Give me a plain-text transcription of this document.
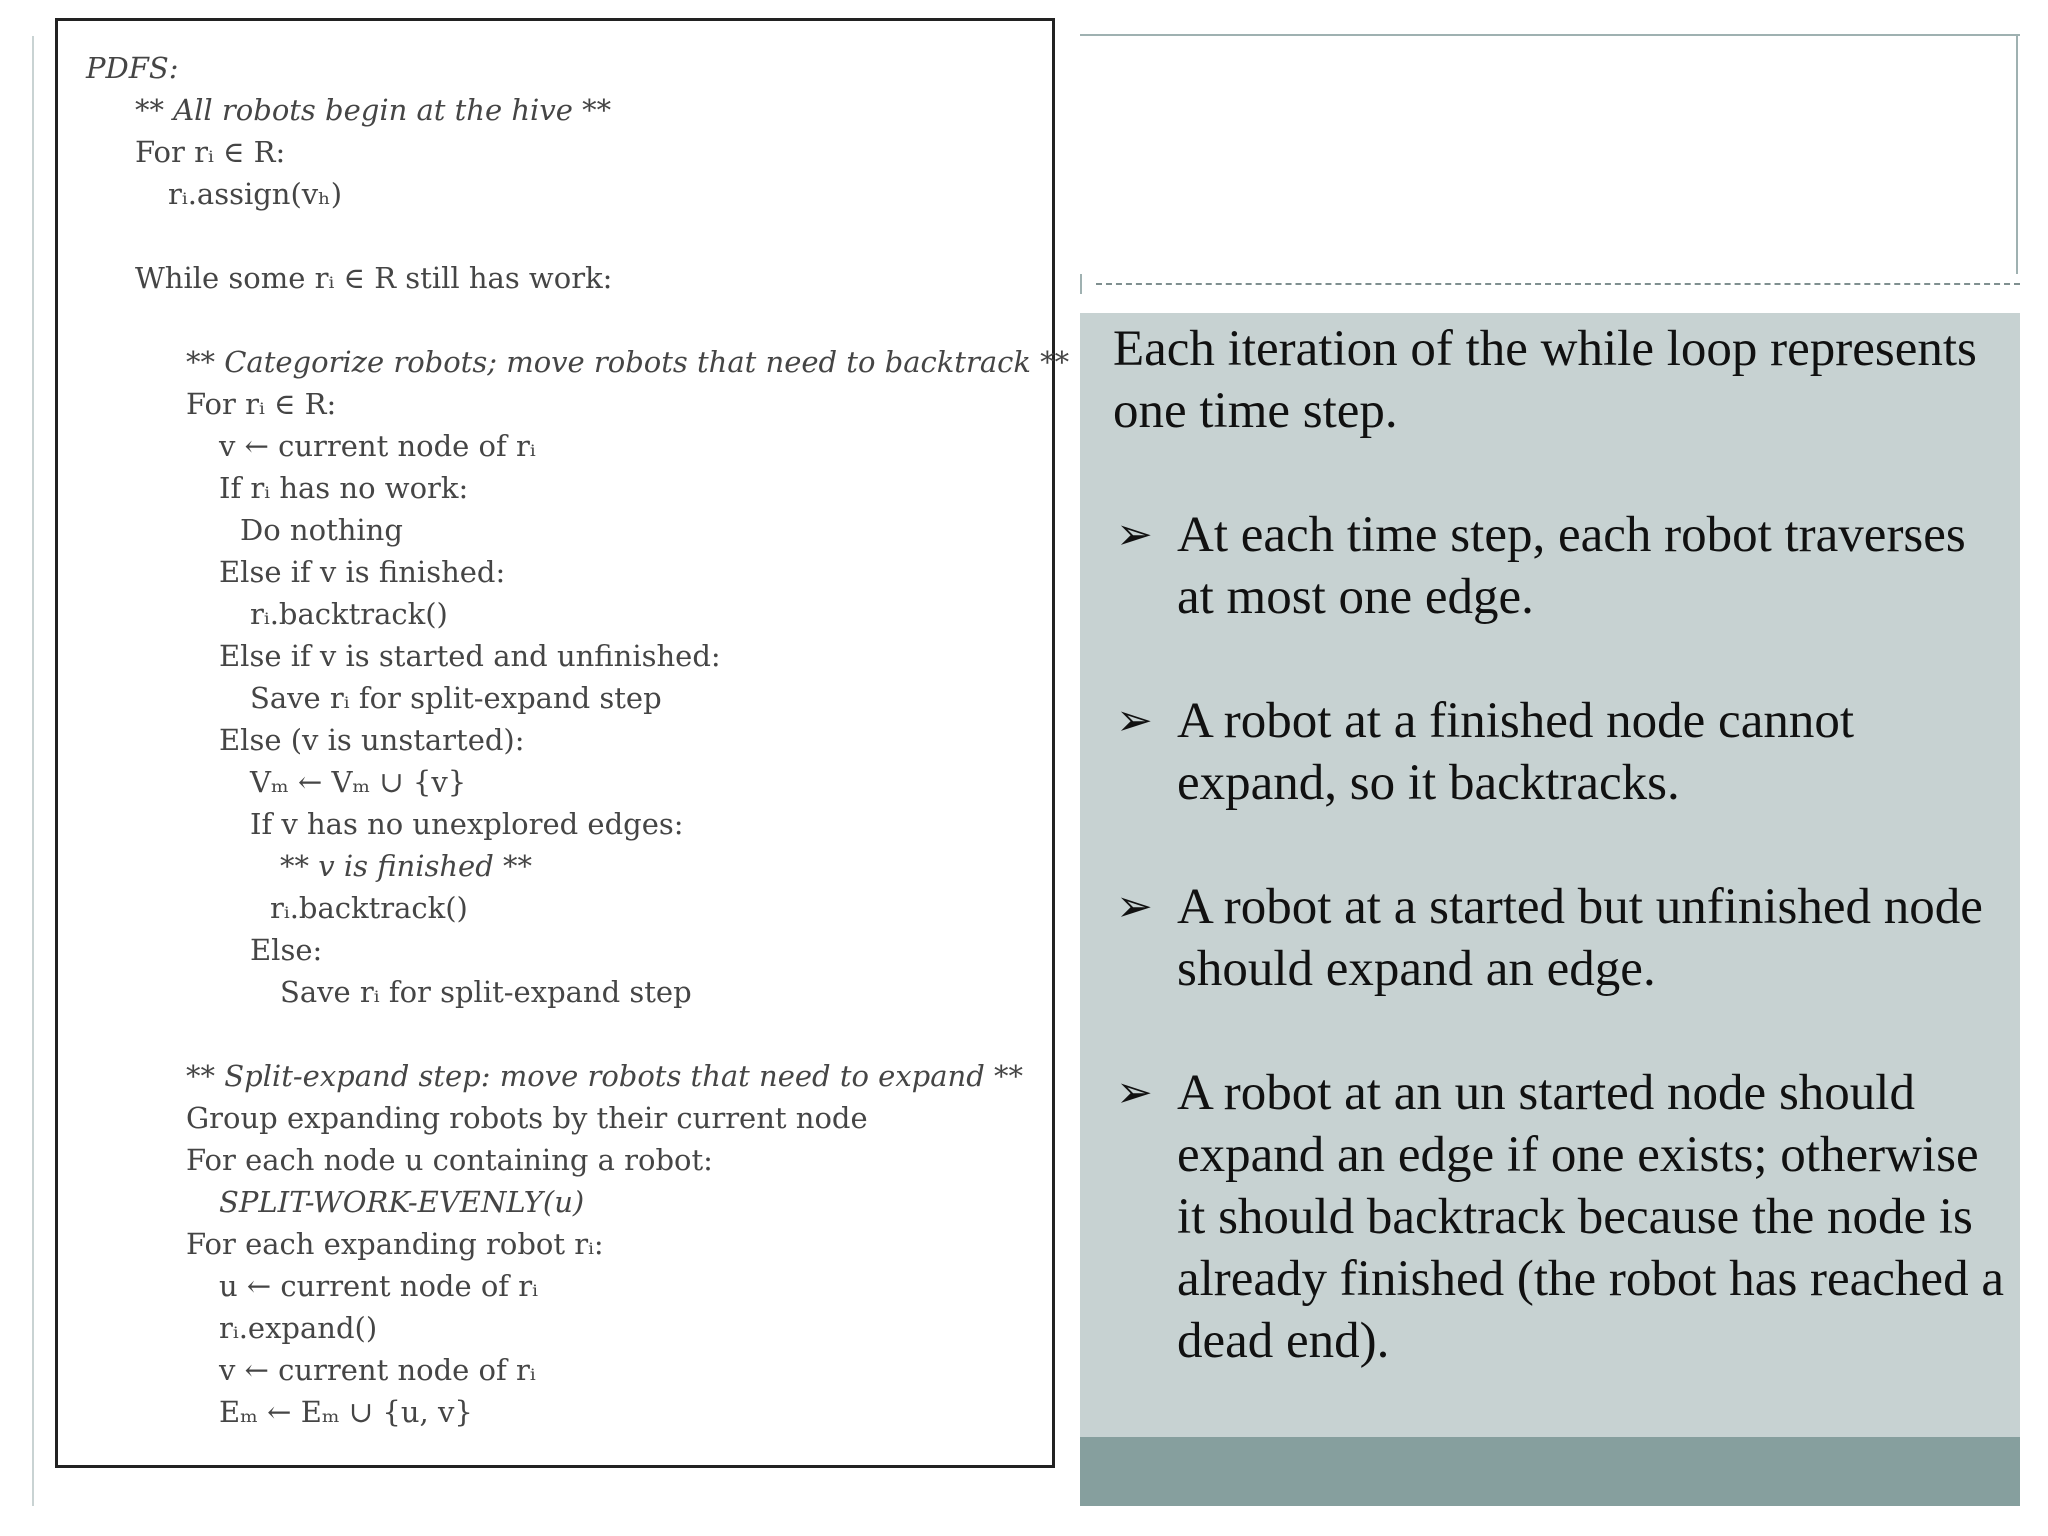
PDFS:
** All robots begin at the hive **
For rᵢ ∈ R:
rᵢ.assign(vₕ)
While some rᵢ ∈ R still has work:
** Categorize robots; move robots that need to backtrack **
For rᵢ ∈ R:
v ← current node of rᵢ
If rᵢ has no work:
Do nothing
Else if v is finished:
rᵢ.backtrack()
Else if v is started and unfinished:
Save rᵢ for split-expand step
Else (v is unstarted):
Vₘ ← Vₘ ∪ {v}
If v has no unexplored edges:
** v is finished **
rᵢ.backtrack()
Else:
Save rᵢ for split-expand step
** Split-expand step: move robots that need to expand **
Group expanding robots by their current node
For each node u containing a robot:
SPLIT-WORK-EVENLY(u)
For each expanding robot rᵢ:
u ← current node of rᵢ
rᵢ.expand()
v ← current node of rᵢ
Eₘ ← Eₘ ∪ {u, v}
Each iteration of the while loop represents one time step.
➢ At each time step, each robot traverses at most one edge.
➢ A robot at a finished node cannot expand, so it backtracks.
➢ A robot at a started but unfinished node should expand an edge.
➢ A robot at an un started node should expand an edge if one exists; otherwise it should backtrack because the node is already finished (the robot has reached a dead end).
